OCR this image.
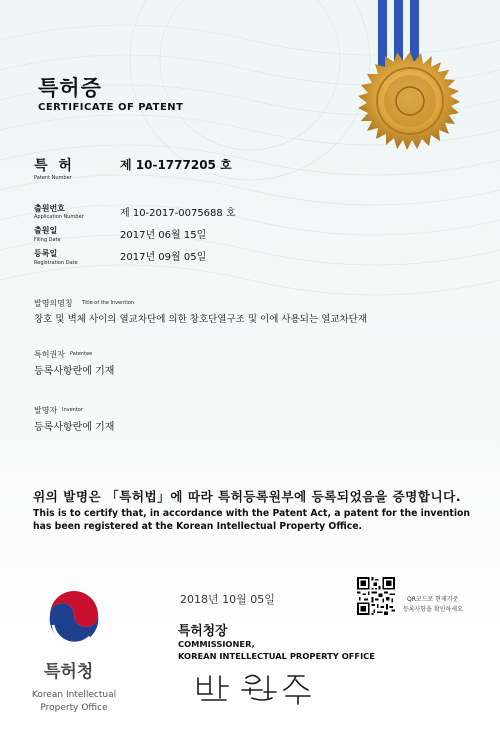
특허증
CERTIFICATE OF PATENT
특 허
Patent Number
제 10-1777205 호
출원번호
Application Number	제 10-2017-0075688 호
출원일
Filing Date	2017년 06월 15일
등록일
Registration Date	2017년 09월 05일
발명의명칭 Title of the Invention
창호 및 벽체 사이의 열교차단에 의한 창호단열구조 및 이에 사용되는 열교차단재
특허권자 Patentee
등록사항란에 기재
발명자 Inventor
등록사항란에 기재
위의 발명은 「특허법」에 따라 특허등록원부에 등록되었음을 증명합니다.
This is to certify that, in accordance with the Patent Act, a patent for the invention
has been registered at the Korean Intellectual Property Office.
2018년 10월 05일	QR코드로 현재기준
등록사항을 확인하세요
특허청장
COMMISSIONER,
KOREAN INTELLECTUAL PROPERTY OFFICE
특허청
Korean Intellectual
Property Office
